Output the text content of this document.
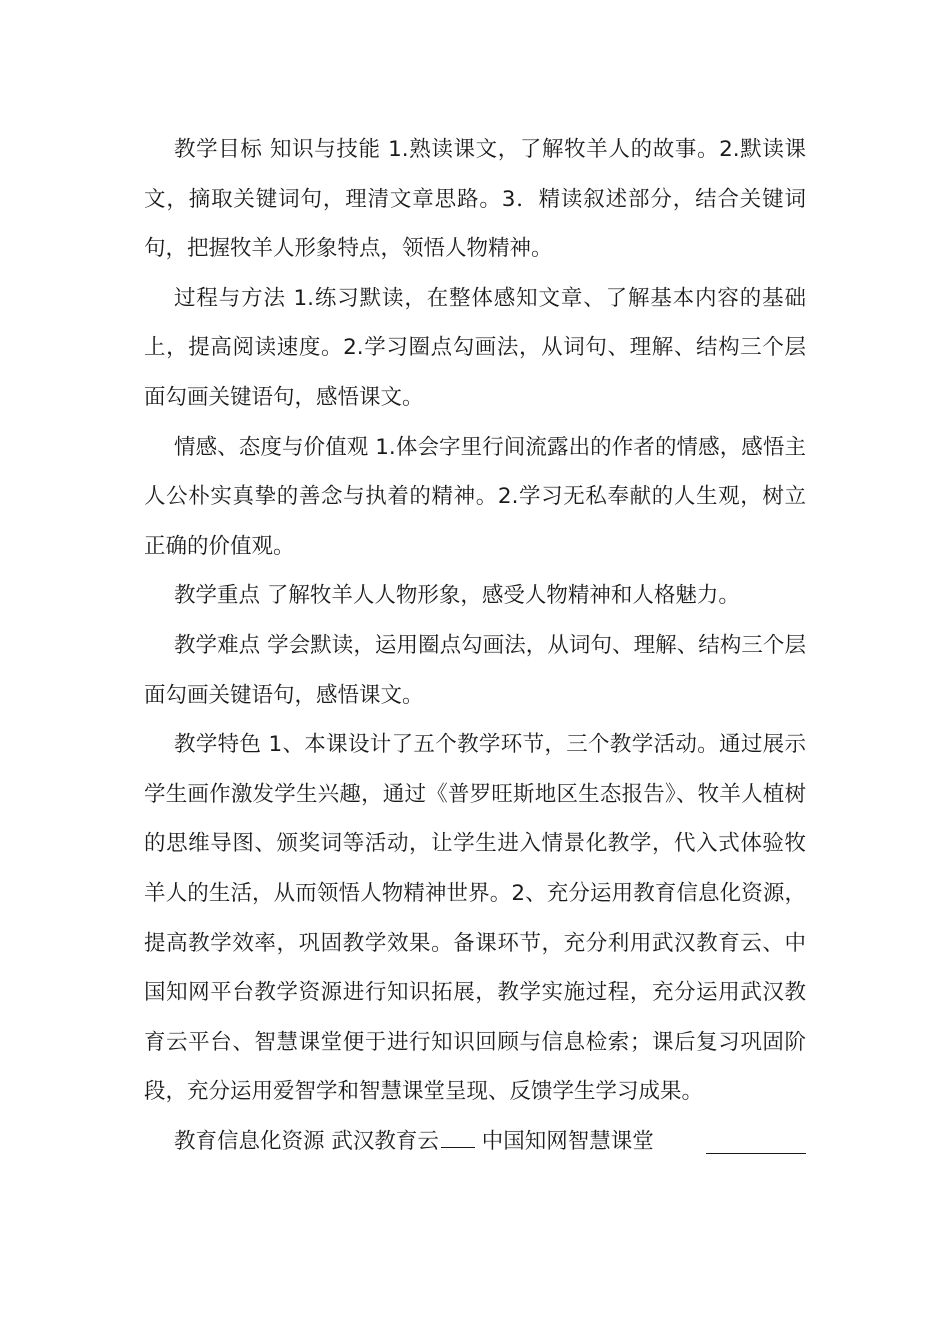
教学目标 知识与技能 1.熟读课文，了解牧羊人的故事。2.默读课文，摘取关键词句，理清文章思路。3．精读叙述部分，结合关键词句，把握牧羊人形象特点，领悟人物精神。

过程与方法 1.练习默读，在整体感知文章、了解基本内容的基础上，提高阅读速度。2.学习圈点勾画法，从词句、理解、结构三个层面勾画关键语句，感悟课文。

情感、态度与价值观 1.体会字里行间流露出的作者的情感，感悟主人公朴实真挚的善念与执着的精神。2.学习无私奉献的人生观，树立正确的价值观。

教学重点 了解牧羊人人物形象，感受人物精神和人格魅力。

教学难点 学会默读，运用圈点勾画法，从词句、理解、结构三个层面勾画关键语句，感悟课文。

教学特色 1、本课设计了五个教学环节，三个教学活动。通过展示学生画作激发学生兴趣，通过《普罗旺斯地区生态报告》、牧羊人植树的思维导图、颁奖词等活动，让学生进入情景化教学，代入式体验牧羊人的生活，从而领悟人物精神世界。2、充分运用教育信息化资源，提高教学效率，巩固教学效果。备课环节，充分利用武汉教育云、中国知网平台教学资源进行知识拓展，教学实施过程，充分运用武汉教育云平台、智慧课堂便于进行知识回顾与信息检索；课后复习巩固阶段，充分运用爱智学和智慧课堂呈现、反馈学生学习成果。

教育信息化资源 武汉教育云 中国知网智慧课堂
